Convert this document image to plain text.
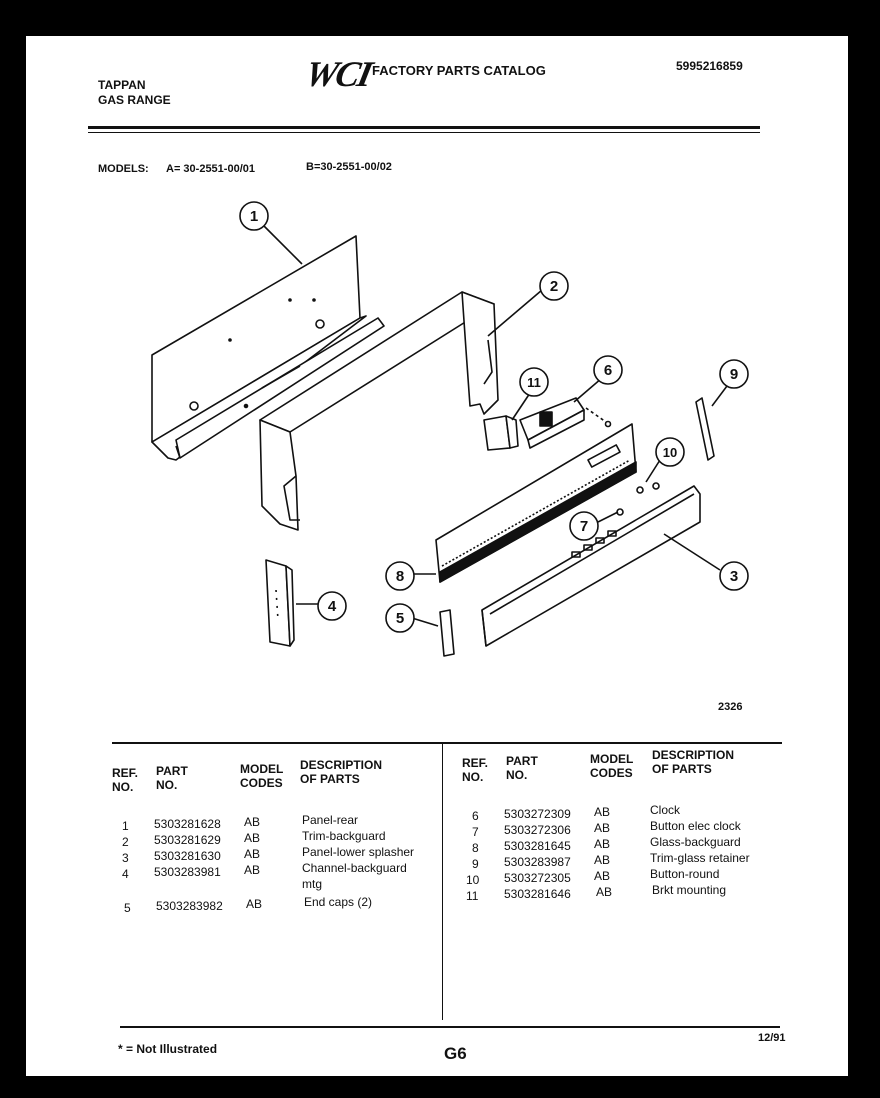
TAPPAN
GAS RANGE
WCI
FACTORY PARTS CATALOG	5995216859
MODELS: A= 30-2551-00/01	B=30-2551-00/02
1
2
3
4
5
6
7
8
9
10
11
2326
REF.
NO.
PART
NO.
MODEL
CODES
DESCRIPTION
OF PARTS
REF.
NO.
PART
NO.
MODEL
CODES
DESCRIPTION
OF PARTS
1 5303281628 AB	Panel-rear
2 5303281629 AB	Trim-backguard
3 5303281630 AB	Panel-lower splasher
4 5303283981 AB	Channel-backguard
mtg
5 5303283982 AB	End caps (2)
6 5303272309 AB	Clock
7 5303272306 AB	Button elec clock
8 5303281645 AB	Glass-backguard
9 5303283987 AB	Trim-glass retainer
10 5303272305 AB	Button-round
11 5303281646 AB	Brkt mounting
* = Not Illustrated	G6
12/91
